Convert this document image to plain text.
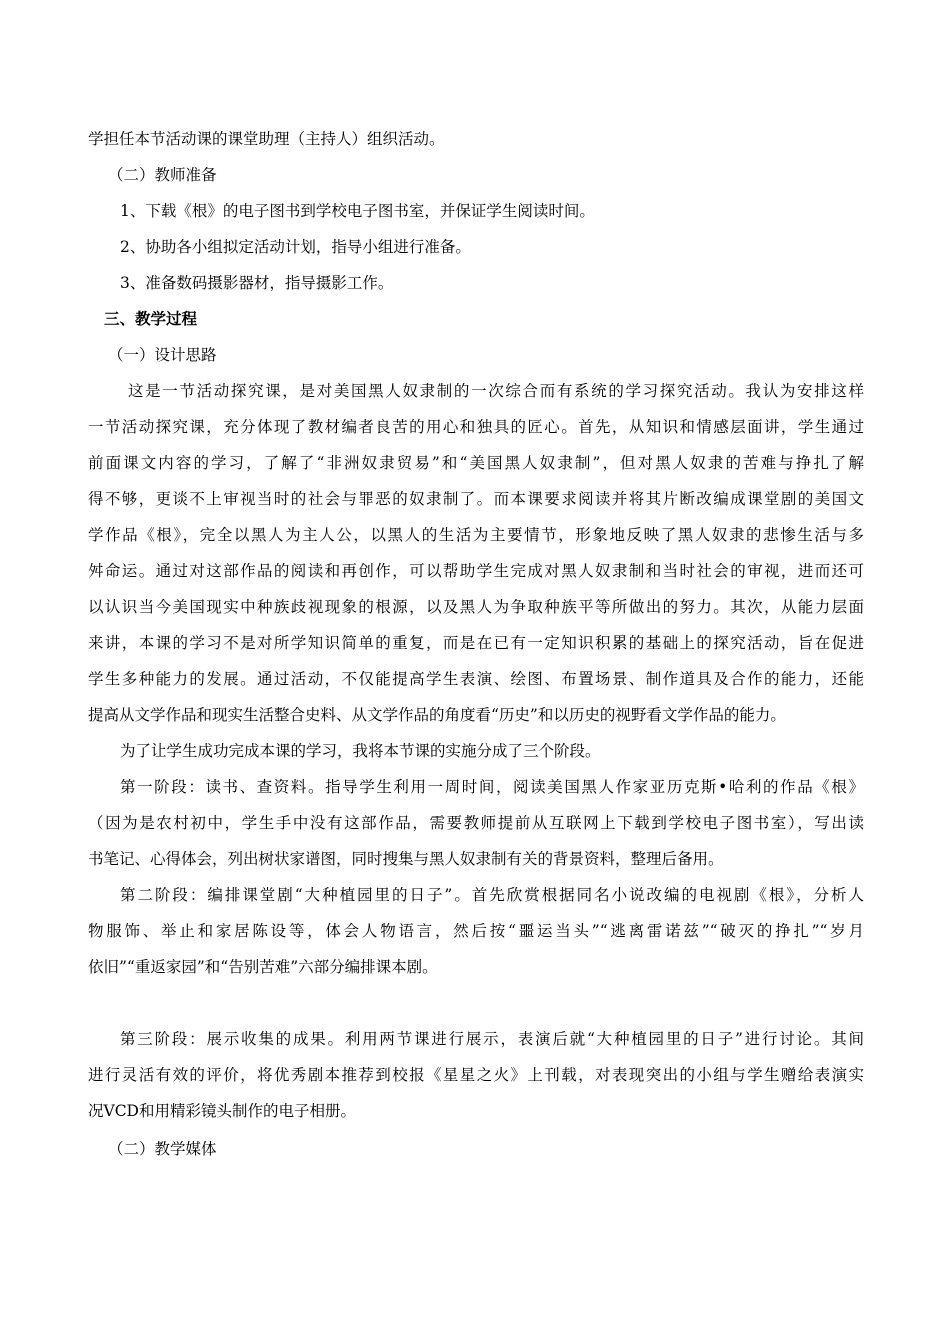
学担任本节活动课的课堂助理（主持人）组织活动。
（二）教师准备
1、下载《根》的电子图书到学校电子图书室，并保证学生阅读时间。
2、协助各小组拟定活动计划，指导小组进行准备。
3、准备数码摄影器材，指导摄影工作。
三、教学过程
（一）设计思路
这是一节活动探究课，是对美国黑人奴隶制的一次综合而有系统的学习探究活动。我认为安排这样
一节活动探究课，充分体现了教材编者良苦的用心和独具的匠心。首先，从知识和情感层面讲，学生通过
前面课文内容的学习，了解了“非洲奴隶贸易”和“美国黑人奴隶制”，但对黑人奴隶的苦难与挣扎了解
得不够，更谈不上审视当时的社会与罪恶的奴隶制了。而本课要求阅读并将其片断改编成课堂剧的美国文
学作品《根》，完全以黑人为主人公，以黑人的生活为主要情节，形象地反映了黑人奴隶的悲惨生活与多
舛命运。通过对这部作品的阅读和再创作，可以帮助学生完成对黑人奴隶制和当时社会的审视，进而还可
以认识当今美国现实中种族歧视现象的根源，以及黑人为争取种族平等所做出的努力。其次，从能力层面
来讲，本课的学习不是对所学知识简单的重复，而是在已有一定知识积累的基础上的探究活动，旨在促进
学生多种能力的发展。通过活动，不仅能提高学生表演、绘图、布置场景、制作道具及合作的能力，还能
提高从文学作品和现实生活整合史料、从文学作品的角度看“历史”和以历史的视野看文学作品的能力。
为了让学生成功完成本课的学习，我将本节课的实施分成了三个阶段。
第一阶段：读书、查资料。指导学生利用一周时间，阅读美国黑人作家亚历克斯•哈利的作品《根》
（因为是农村初中，学生手中没有这部作品，需要教师提前从互联网上下载到学校电子图书室），写出读
书笔记、心得体会，列出树状家谱图，同时搜集与黑人奴隶制有关的背景资料，整理后备用。
第二阶段：编排课堂剧“大种植园里的日子”。首先欣赏根据同名小说改编的电视剧《根》，分析人
物服饰、举止和家居陈设等，体会人物语言，然后按“噩运当头”“逃离雷诺兹”“破灭的挣扎”“岁月
依旧”“重返家园”和“告别苦难”六部分编排课本剧。
第三阶段：展示收集的成果。利用两节课进行展示，表演后就“大种植园里的日子”进行讨论。其间
进行灵活有效的评价，将优秀剧本推荐到校报《星星之火》上刊载，对表现突出的小组与学生赠给表演实
况VCD和用精彩镜头制作的电子相册。
（二）教学媒体
